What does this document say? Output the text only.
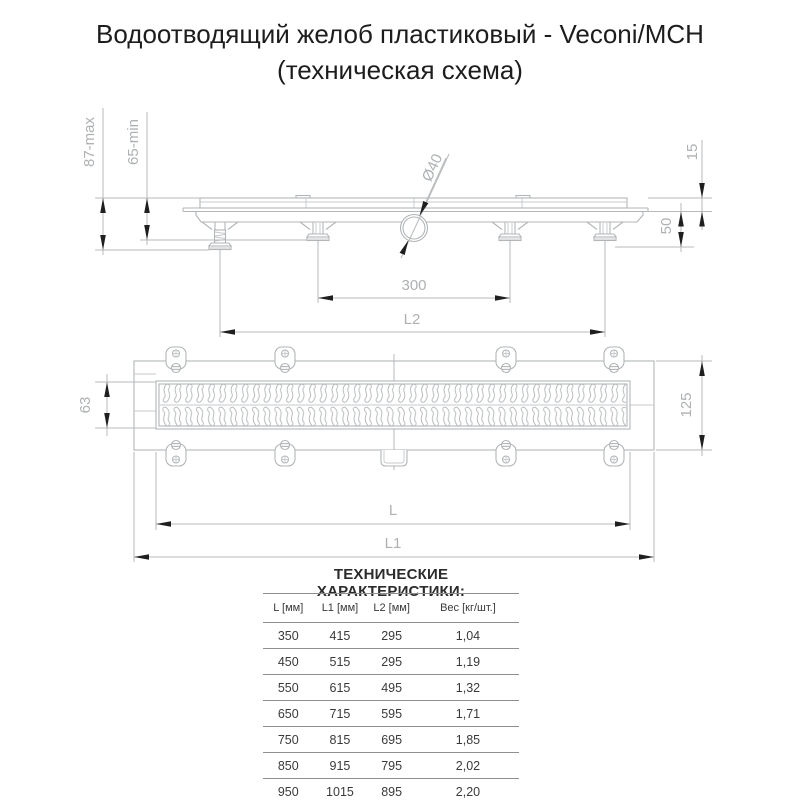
Водоотводящий желоб пластиковый - Veconi/MCH
(техническая схема)
Ø40
87-max 65-min	15
50
300
L2
63	125
L
L1
ТЕХНИЧЕСКИЕ ХАРАКТЕРИСТИКИ:
L [мм]	L1 [мм]	L2 [мм]	Вес [кг/шт.]
350	415	295	1,04
450	515	295	1,19
550	615	495	1,32
650	715	595	1,71
750	815	695	1,85
850	915	795	2,02
950	1015	895	2,20
